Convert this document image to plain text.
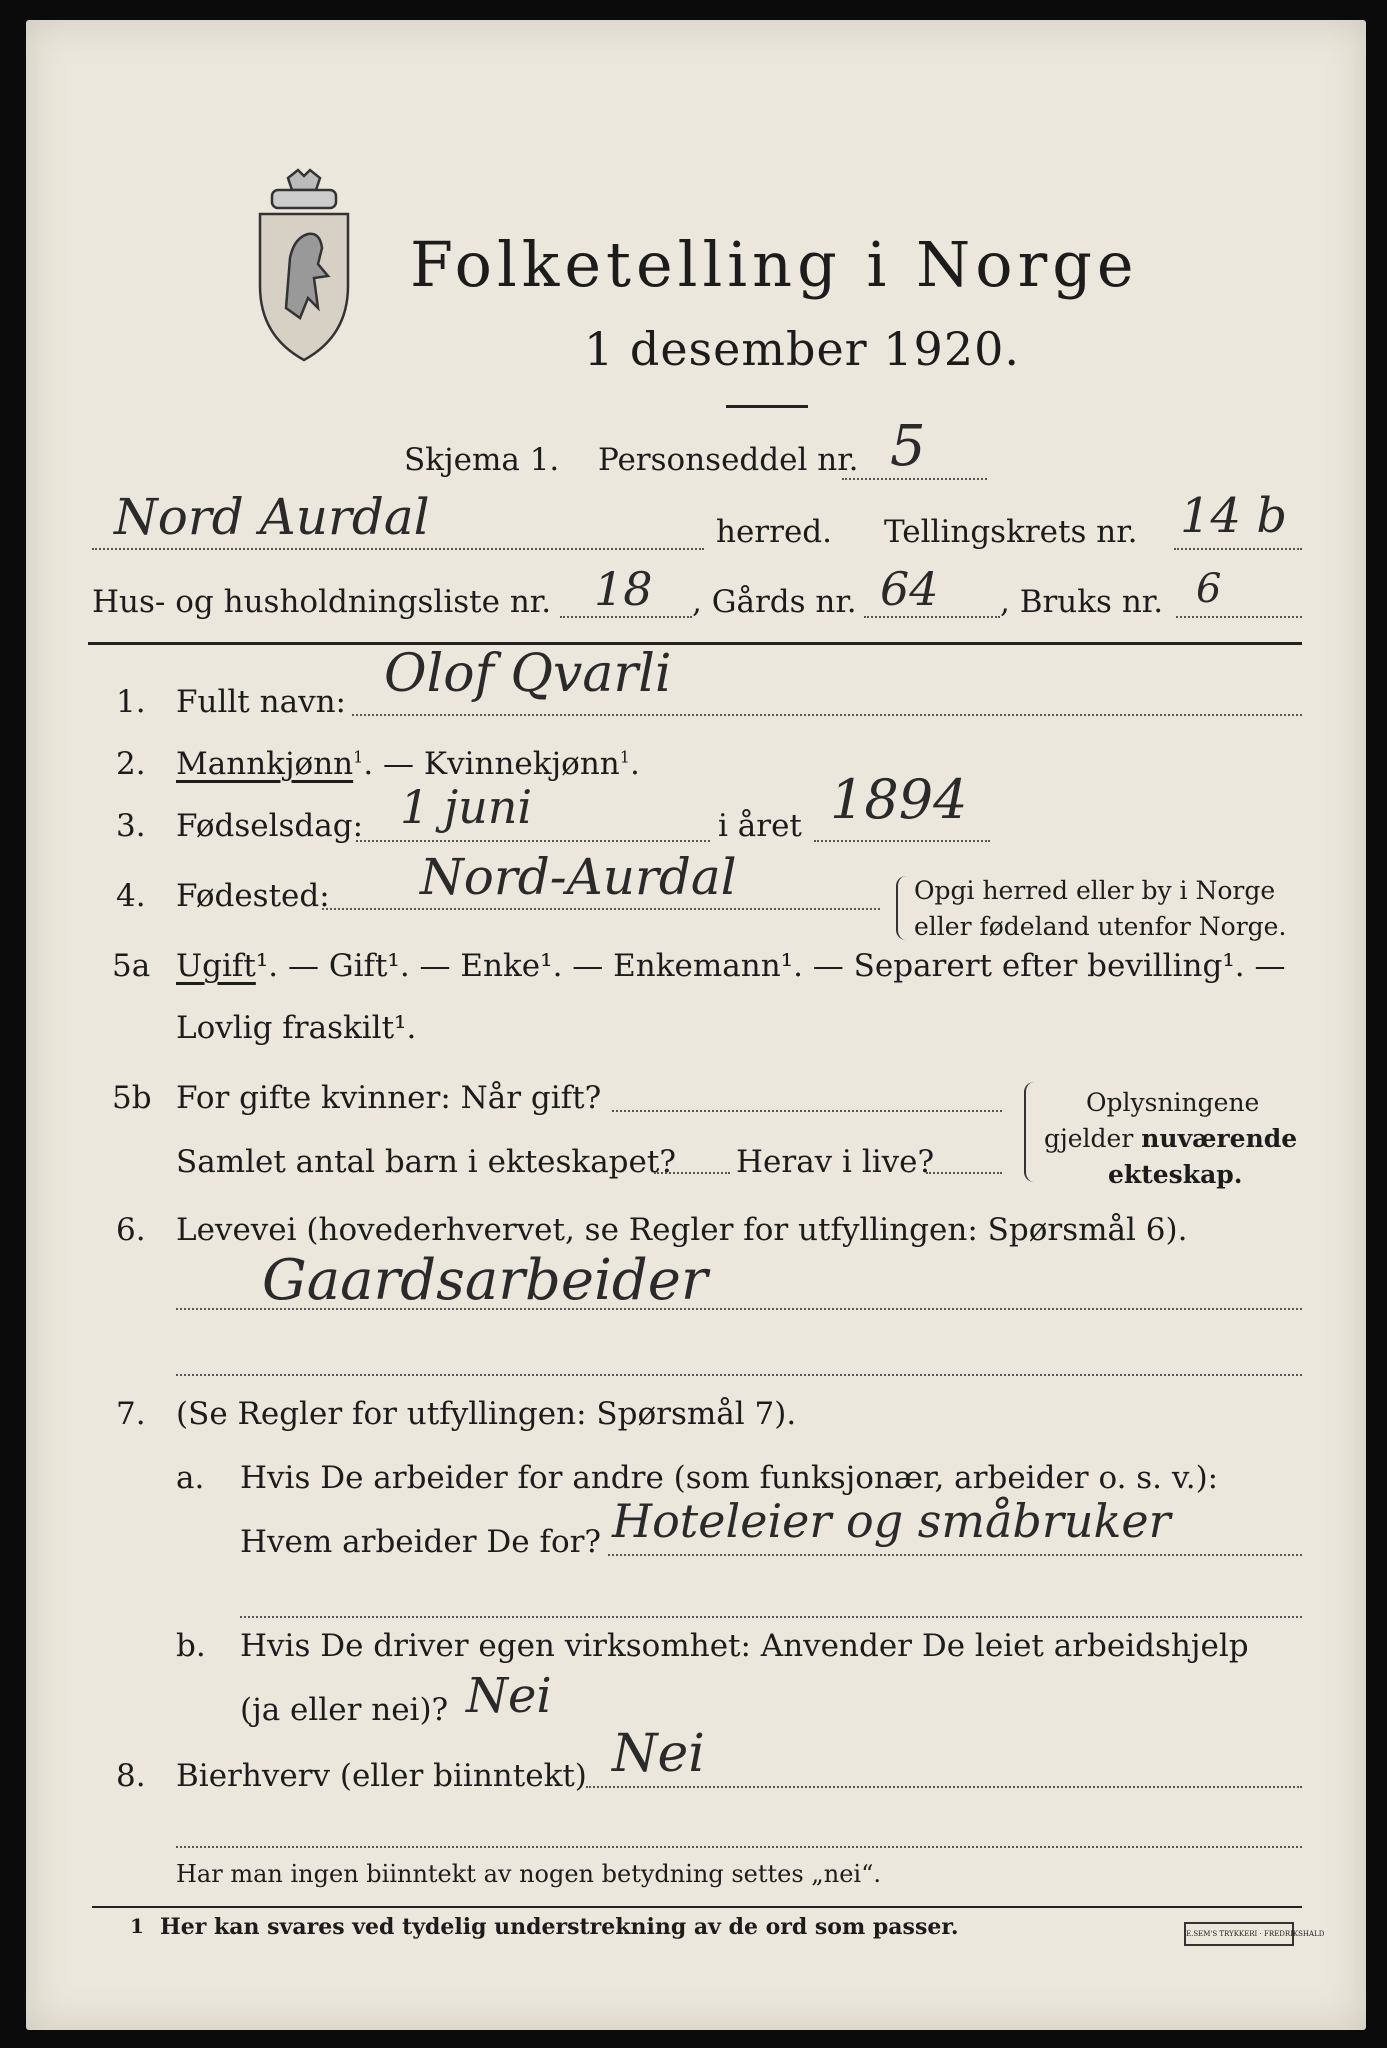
Folketelling i Norge
1 desember 1920.
Skjema 1. Personseddel nr. 5
Nord Aurdal	herred. Tellingskrets nr. 14 b
Hus- og husholdningsliste nr. 18 , Gårds nr. 64 , Bruks nr. 6
1. Fullt navn: Olof Qvarli
2. Mannkjønn$^1$. — Kvinnekjønn$^1$.
3. Fødselsdag: 1 juni	i året 1894
4. Fødested: Nord-Aurdal	Opgi herred eller by i Norge
eller fødeland utenfor Norge.
5a Ugift¹. — Gift¹. — Enke¹. — Enkemann¹. — Separert efter bevilling¹. —
Lovlig fraskilt¹.
5b For gifte kvinner: Når gift?
Samlet antal barn i ekteskapet? Herav i live?
Oplysningene
gjelder nuværende
ekteskap.
6. Levevei (hovederhvervet, se Regler for utfyllingen: Spørsmål 6).
Gaardsarbeider
7. (Se Regler for utfyllingen: Spørsmål 7).
a. Hvis De arbeider for andre (som funksjonær, arbeider o. s. v.):
Hvem arbeider De for? Hoteleier og småbruker
b. Hvis De driver egen virksomhet: Anvender De leiet arbeidshjelp
(ja eller nei)? Nei
8. Bierhverv (eller biinntekt) Nei
Har man ingen biinntekt av nogen betydning settes „nei“.
1 Her kan svares ved tydelig understrekning av de ord som passer.	E.SEM'S TRYKKERI · FREDRIKSHALD
